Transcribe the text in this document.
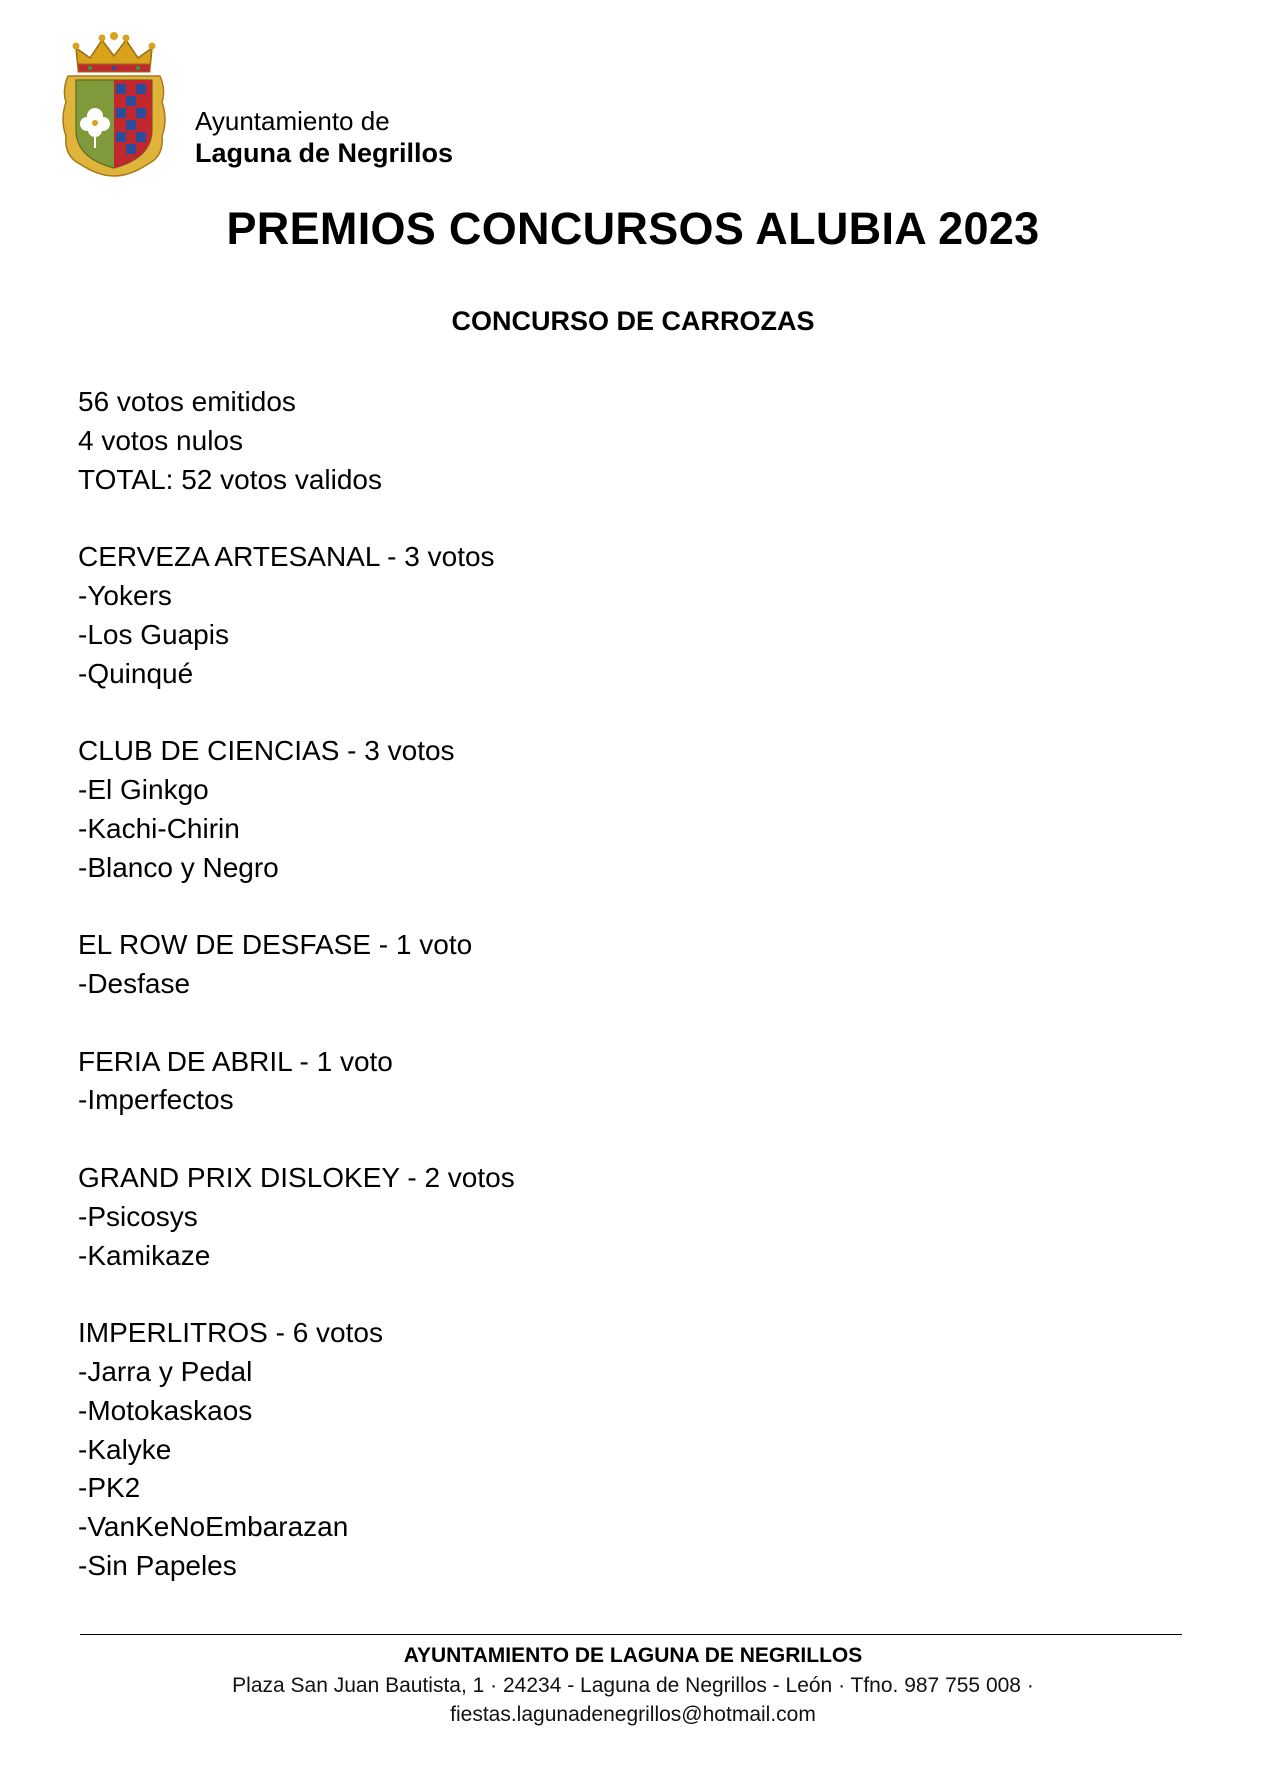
Ayuntamiento de
Laguna de Negrillos
PREMIOS CONCURSOS ALUBIA 2023
CONCURSO DE CARROZAS
56 votos emitidos
4 votos nulos
TOTAL: 52 votos validos
CERVEZA ARTESANAL - 3 votos
-Yokers
-Los Guapis
-Quinqué
CLUB DE CIENCIAS - 3 votos
-El Ginkgo
-Kachi-Chirin
-Blanco y Negro
EL ROW DE DESFASE - 1 voto
-Desfase
FERIA DE ABRIL - 1 voto
-Imperfectos
GRAND PRIX DISLOKEY - 2 votos
-Psicosys
-Kamikaze
IMPERLITROS - 6 votos
-Jarra y Pedal
-Motokaskaos
-Kalyke
-PK2
-VanKeNoEmbarazan
-Sin Papeles
AYUNTAMIENTO DE LAGUNA DE NEGRILLOS
Plaza San Juan Bautista, 1 · 24234 - Laguna de Negrillos - León · Tfno. 987 755 008 ·
fiestas.lagunadenegrillos@hotmail.com
